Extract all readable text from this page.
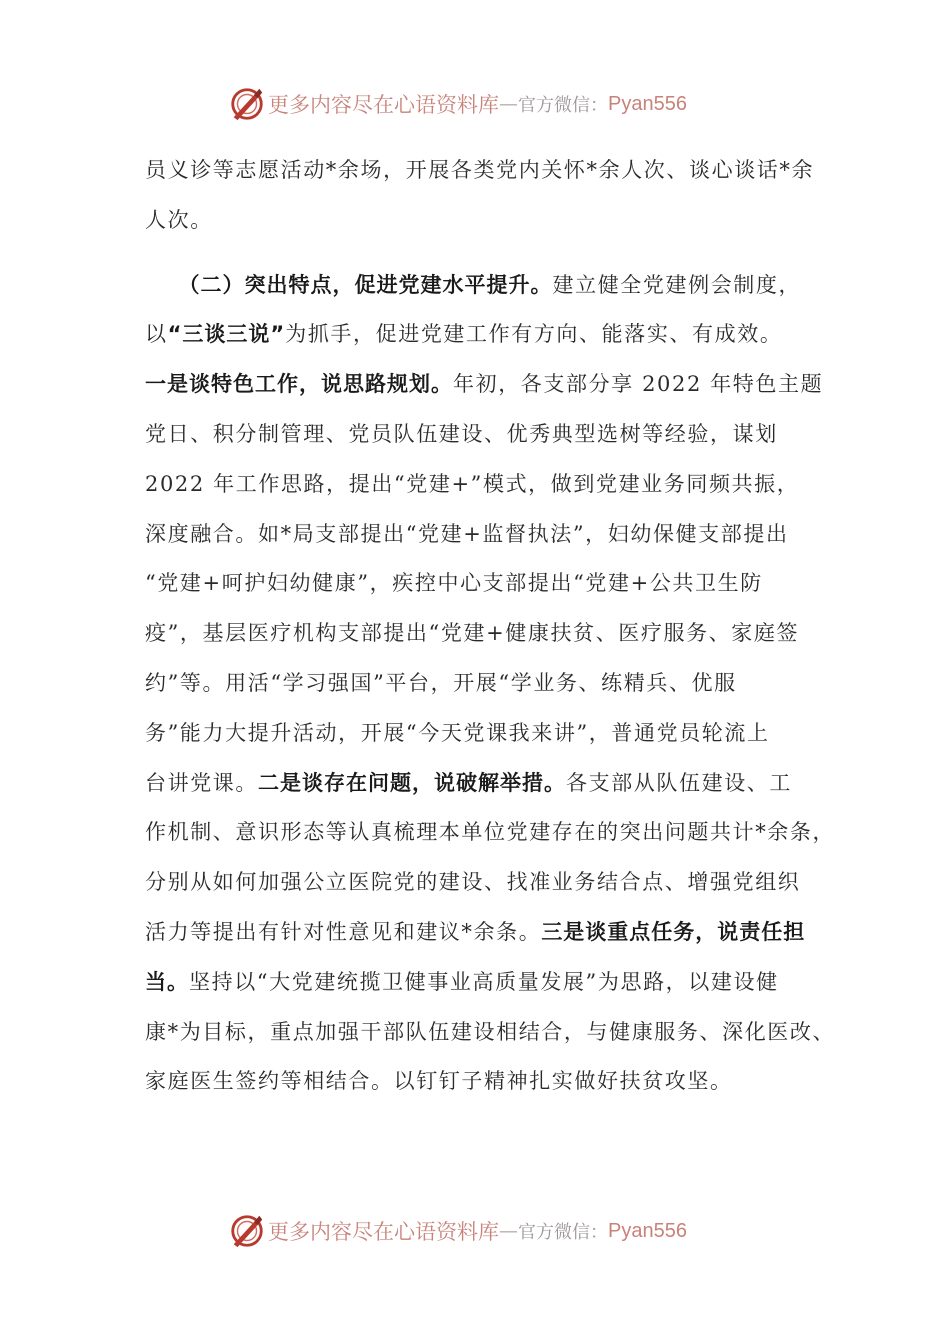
更多内容尽在心语资料库 — 官方微信： Pyan556
员义诊等志愿活动*余场，开展各类党内关怀*余人次、谈心谈话*余
人次。
　　（二）突出特点，促进党建水平提升。建立健全党建例会制度，
以“三谈三说”为抓手，促进党建工作有方向、能落实、有成效。
一是谈特色工作，说思路规划。年初，各支部分享 2022 年特色主题
党日、积分制管理、党员队伍建设、优秀典型选树等经验，谋划
2022 年工作思路，提出“党建+”模式，做到党建业务同频共振，
深度融合。如*局支部提出“党建+监督执法”，妇幼保健支部提出
“党建+呵护妇幼健康”，疾控中心支部提出“党建+公共卫生防
疫”，基层医疗机构支部提出“党建+健康扶贫、医疗服务、家庭签
约”等。用活“学习强国”平台，开展“学业务、练精兵、优服
务”能力大提升活动，开展“今天党课我来讲”，普通党员轮流上
台讲党课。二是谈存在问题，说破解举措。各支部从队伍建设、工
作机制、意识形态等认真梳理本单位党建存在的突出问题共计*余条，
分别从如何加强公立医院党的建设、找准业务结合点、增强党组织
活力等提出有针对性意见和建议*余条。三是谈重点任务，说责任担
当。坚持以“大党建统揽卫健事业高质量发展”为思路，以建设健
康*为目标，重点加强干部队伍建设相结合，与健康服务、深化医改、
家庭医生签约等相结合。以钉钉子精神扎实做好扶贫攻坚。
更多内容尽在心语资料库 — 官方微信： Pyan556
